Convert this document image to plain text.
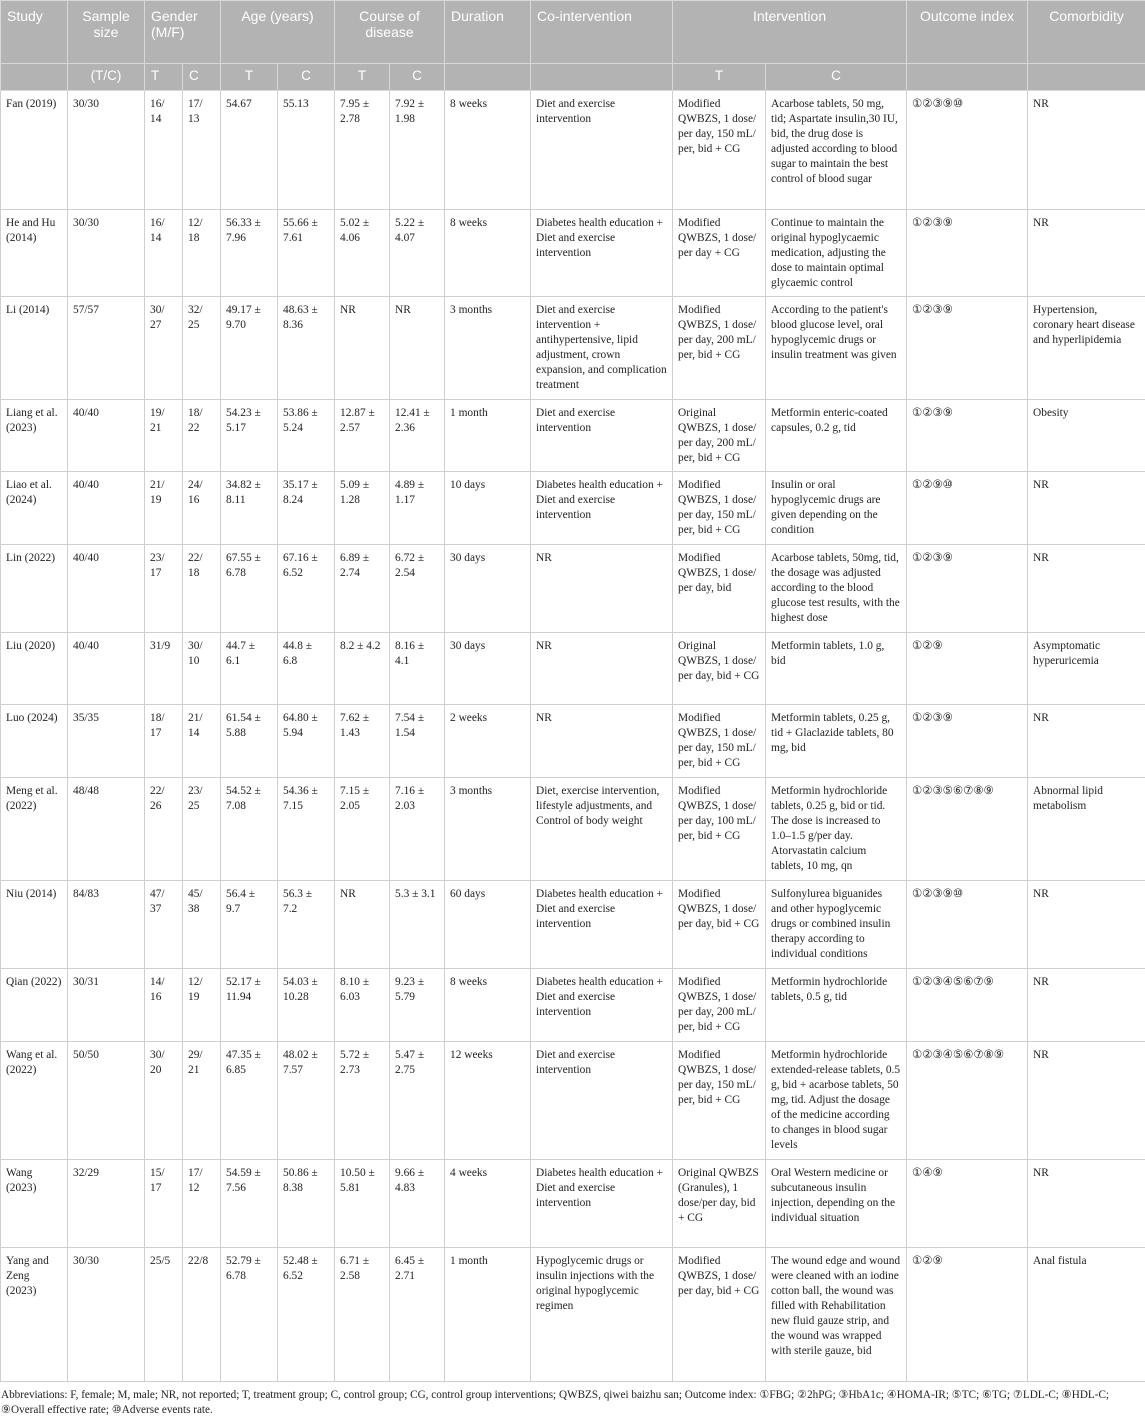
Study	Sample size	Gender (M/F)		Age (years)		Course of disease		Duration	Co-intervention	Intervention		Outcome index	Comorbidity
	(T/C)	T	C	T	C	T	C			T	C		
Fan (2019)	30/30	16/ 14	17/ 13	54.67	55.13	7.95 ± 2.78	7.92 ± 1.98	8 weeks	Diet and exercise intervention	Modified QWBZS, 1 dose/ per day, 150 mL/ per, bid + CG	Acarbose tablets, 50 mg, tid; Aspartate insulin,30 IU, bid, the drug dose is adjusted according to blood sugar to maintain the best control of blood sugar	①②③⑨⑩	NR
He and Hu (2014)	30/30	16/ 14	12/ 18	56.33 ± 7.96	55.66 ± 7.61	5.02 ± 4.06	5.22 ± 4.07	8 weeks	Diabetes health education + Diet and exercise intervention	Modified QWBZS, 1 dose/ per day + CG	Continue to maintain the original hypoglycaemic medication, adjusting the dose to maintain optimal glycaemic control	①②③⑨	NR
Li (2014)	57/57	30/ 27	32/ 25	49.17 ± 9.70	48.63 ± 8.36	NR	NR	3 months	Diet and exercise intervention + antihypertensive, lipid adjustment, crown expansion, and complication treatment	Modified QWBZS, 1 dose/ per day, 200 mL/ per, bid + CG	According to the patient's blood glucose level, oral hypoglycemic drugs or insulin treatment was given	①②③⑨	Hypertension, coronary heart disease and hyperlipidemia
Liang et al. (2023)	40/40	19/ 21	18/ 22	54.23 ± 5.17	53.86 ± 5.24	12.87 ± 2.57	12.41 ± 2.36	1 month	Diet and exercise intervention	Original QWBZS, 1 dose/ per day, 200 mL/ per, bid + CG	Metformin enteric-coated capsules, 0.2 g, tid	①②③⑨	Obesity
Liao et al. (2024)	40/40	21/ 19	24/ 16	34.82 ± 8.11	35.17 ± 8.24	5.09 ± 1.28	4.89 ± 1.17	10 days	Diabetes health education + Diet and exercise intervention	Modified QWBZS, 1 dose/ per day, 150 mL/ per, bid + CG	Insulin or oral hypoglycemic drugs are given depending on the condition	①②⑨⑩	NR
Lin (2022)	40/40	23/ 17	22/ 18	67.55 ± 6.78	67.16 ± 6.52	6.89 ± 2.74	6.72 ± 2.54	30 days	NR	Modified QWBZS, 1 dose/ per day, bid	Acarbose tablets, 50mg, tid, the dosage was adjusted according to the blood glucose test results, with the highest dose	①②③⑨	NR
Liu (2020)	40/40	31/9	30/ 10	44.7 ± 6.1	44.8 ± 6.8	8.2 ± 4.2	8.16 ± 4.1	30 days	NR	Original QWBZS, 1 dose/ per day, bid + CG	Metformin tablets, 1.0 g, bid	①②⑨	Asymptomatic hyperuricemia
Luo (2024)	35/35	18/ 17	21/ 14	61.54 ± 5.88	64.80 ± 5.94	7.62 ± 1.43	7.54 ± 1.54	2 weeks	NR	Modified QWBZS, 1 dose/ per day, 150 mL/ per, bid + CG	Metformin tablets, 0.25 g, tid + Glaclazide tablets, 80 mg, bid	①②③⑨	NR
Meng et al. (2022)	48/48	22/ 26	23/ 25	54.52 ± 7.08	54.36 ± 7.15	7.15 ± 2.05	7.16 ± 2.03	3 months	Diet, exercise intervention, lifestyle adjustments, and Control of body weight	Modified QWBZS, 1 dose/ per day, 100 mL/ per, bid + CG	Metformin hydrochloride tablets, 0.25 g, bid or tid. The dose is increased to 1.0–1.5 g/per day. Atorvastatin calcium tablets, 10 mg, qn	①②③⑤⑥⑦⑧⑨	Abnormal lipid metabolism
Niu (2014)	84/83	47/ 37	45/ 38	56.4 ± 9.7	56.3 ± 7.2	NR	5.3 ± 3.1	60 days	Diabetes health education + Diet and exercise intervention	Modified QWBZS, 1 dose/ per day, bid + CG	Sulfonylurea biguanides and other hypoglycemic drugs or combined insulin therapy according to individual conditions	①②③⑨⑩	NR
Qian (2022)	30/31	14/ 16	12/ 19	52.17 ± 11.94	54.03 ± 10.28	8.10 ± 6.03	9.23 ± 5.79	8 weeks	Diabetes health education + Diet and exercise intervention	Modified QWBZS, 1 dose/ per day, 200 mL/ per, bid + CG	Metformin hydrochloride tablets, 0.5 g, tid	①②③④⑤⑥⑦⑨	NR
Wang et al. (2022)	50/50	30/ 20	29/ 21	47.35 ± 6.85	48.02 ± 7.57	5.72 ± 2.73	5.47 ± 2.75	12 weeks	Diet and exercise intervention	Modified QWBZS, 1 dose/ per day, 150 mL/ per, bid + CG	Metformin hydrochloride extended-release tablets, 0.5 g, bid + acarbose tablets, 50 mg, tid. Adjust the dosage of the medicine according to changes in blood sugar levels	①②③④⑤⑥⑦⑧⑨	NR
Wang (2023)	32/29	15/ 17	17/ 12	54.59 ± 7.56	50.86 ± 8.38	10.50 ± 5.81	9.66 ± 4.83	4 weeks	Diabetes health education + Diet and exercise intervention	Original QWBZS (Granules), 1 dose/per day, bid + CG	Oral Western medicine or subcutaneous insulin injection, depending on the individual situation	①④⑨	NR
Yang and Zeng (2023)	30/30	25/5	22/8	52.79 ± 6.78	52.48 ± 6.52	6.71 ± 2.58	6.45 ± 2.71	1 month	Hypoglycemic drugs or insulin injections with the original hypoglycemic regimen	Modified QWBZS, 1 dose/ per day, bid + CG	The wound edge and wound were cleaned with an iodine cotton ball, the wound was filled with Rehabilitation new fluid gauze strip, and the wound was wrapped with sterile gauze, bid	①②⑨	Anal fistula
Abbreviations: F, female; M, male; NR, not reported; T, treatment group; C, control group; CG, control group interventions; QWBZS, qiwei baizhu san; Outcome index: ①FBG; ②2hPG; ③HbA1c; ④HOMA-IR; ⑤TC; ⑥TG; ⑦LDL-C; ⑧HDL-C; ⑨Overall effective rate; ⑩Adverse events rate.
